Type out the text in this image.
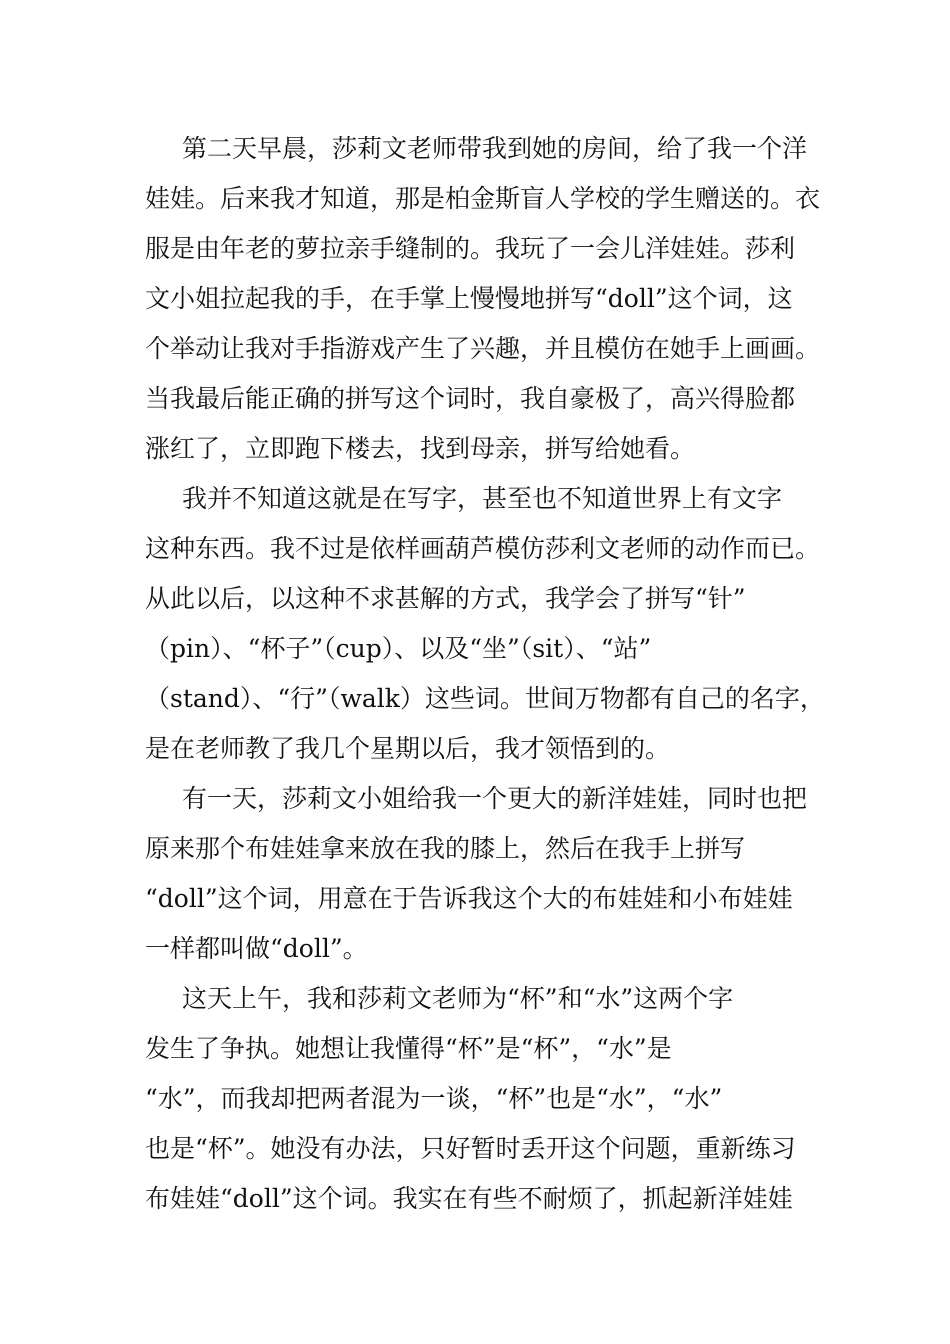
第二天早晨，莎莉文老师带我到她的房间，给了我一个洋
娃娃。后来我才知道，那是柏金斯盲人学校的学生赠送的。衣
服是由年老的萝拉亲手缝制的。我玩了一会儿洋娃娃。莎利
文小姐拉起我的手，在手掌上慢慢地拼写“doll”这个词，这
个举动让我对手指游戏产生了兴趣，并且模仿在她手上画画。
当我最后能正确的拼写这个词时，我自豪极了，高兴得脸都
涨红了，立即跑下楼去，找到母亲，拼写给她看。
我并不知道这就是在写字，甚至也不知道世界上有文字
这种东西。我不过是依样画葫芦模仿莎利文老师的动作而已。
从此以后，以这种不求甚解的方式，我学会了拼写“针”
（pin）、“杯子”（cup）、以及“坐”（sit）、“站”
（stand）、“行”（walk）这些词。世间万物都有自己的名字，
是在老师教了我几个星期以后，我才领悟到的。
有一天，莎莉文小姐给我一个更大的新洋娃娃，同时也把
原来那个布娃娃拿来放在我的膝上，然后在我手上拼写
“doll”这个词，用意在于告诉我这个大的布娃娃和小布娃娃
一样都叫做“doll”。
这天上午，我和莎莉文老师为“杯”和“水”这两个字
发生了争执。她想让我懂得“杯”是“杯”，“水”是
“水”，而我却把两者混为一谈，“杯”也是“水”，“水”
也是“杯”。她没有办法，只好暂时丢开这个问题，重新练习
布娃娃“doll”这个词。我实在有些不耐烦了，抓起新洋娃娃
